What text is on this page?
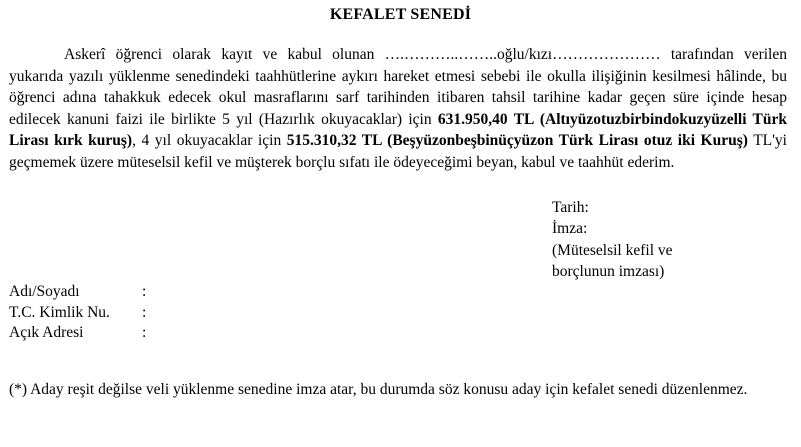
KEFALET SENEDİ

Askerî öğrenci olarak kayıt ve kabul olunan ….………..……..oğlu/kızı………………… tarafından verilen yukarıda yazılı yüklenme senedindeki taahhütlerine aykırı hareket etmesi sebebi ile okulla ilişiğinin kesilmesi hâlinde, bu öğrenci adına tahakkuk edecek okul masraflarını sarf tarihinden itibaren tahsil tarihine kadar geçen süre içinde hesap edilecek kanuni faizi ile birlikte 5 yıl (Hazırlık okuyacaklar) için 631.950,40 TL (Altıyüzotuzbirbindokuzyüzelli Türk Lirası kırk kuruş), 4 yıl okuyacaklar için 515.310,32 TL (Beşyüzonbeşbinüçyüzon Türk Lirası otuz iki Kuruş) TL'yi geçmemek üzere müteselsil kefil ve müşterek borçlu sıfatı ile ödeyeceğimi beyan, kabul ve taahhüt ederim.

Tarih:
İmza:
(Müteselsil kefil ve
borçlunun imzası)
Adı/Soyadı	:
T.C. Kimlik Nu. :
Açık Adresi	:

(*) Aday reşit değilse veli yüklenme senedine imza atar, bu durumda söz konusu aday için kefalet senedi düzenlenmez.
